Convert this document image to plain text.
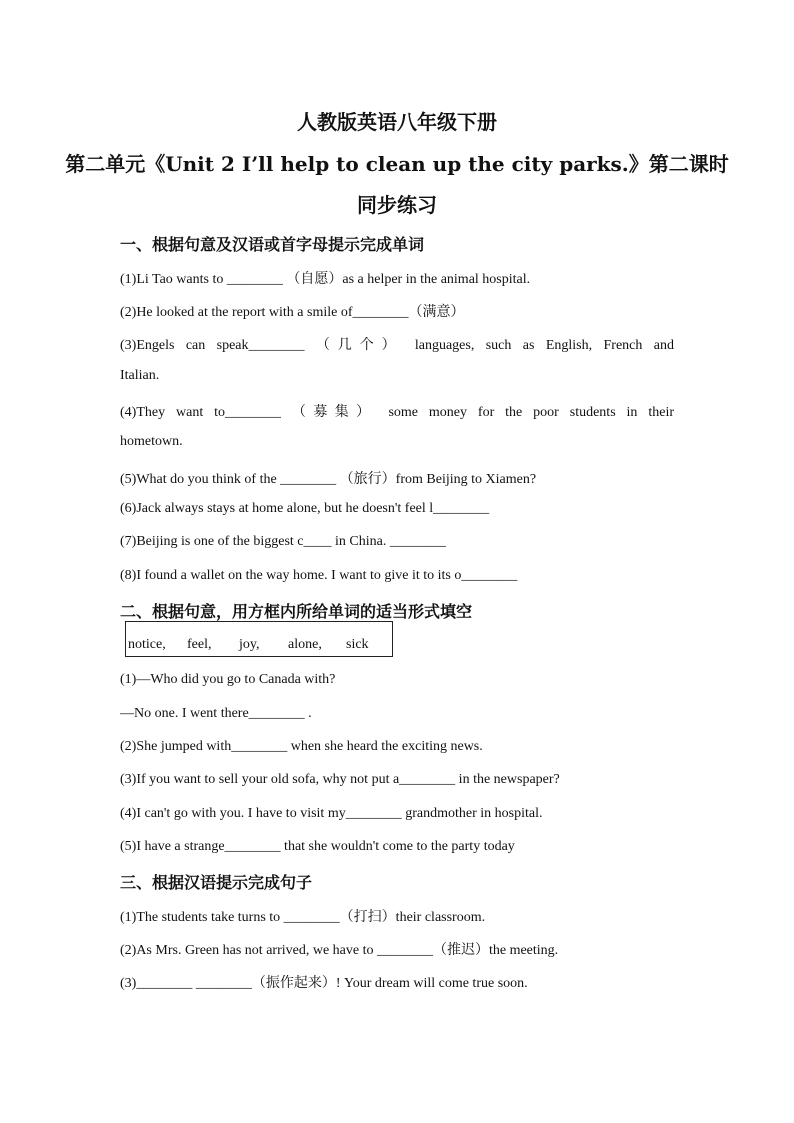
人教版英语八年级下册
第二单元《Unit 2 I’ll help to clean up the city parks.》第二课时
同步练习
一、根据句意及汉语或首字母提示完成单词
(1)Li Tao wants to ________ （自愿）as a helper in the animal hospital.
(2)He looked at the report with a smile of________（满意）
(3)Engels can speak________ （几个） languages, such as English, French and
Italian.
(4)They want to________ （募集） some money for the poor students in their
hometown.
(5)What do you think of the ________ （旅行）from Beijing to Xiamen?
(6)Jack always stays at home alone, but he doesn't feel l________
(7)Beijing is one of the biggest c____ in China. ________
(8)I found a wallet on the way home. I want to give it to its o________
二、根据句意，用方框内所给单词的适当形式填空
notice, feel, joy, alone, sick
(1)—Who did you go to Canada with?
—No one. I went there________ .
(2)She jumped with________ when she heard the exciting news.
(3)If you want to sell your old sofa, why not put a________ in the newspaper?
(4)I can't go with you. I have to visit my________ grandmother in hospital.
(5)I have a strange________ that she wouldn't come to the party today
三、根据汉语提示完成句子
(1)The students take turns to ________（打扫）their classroom.
(2)As Mrs. Green has not arrived, we have to ________（推迟）the meeting.
(3)________ ________（振作起来）! Your dream will come true soon.
